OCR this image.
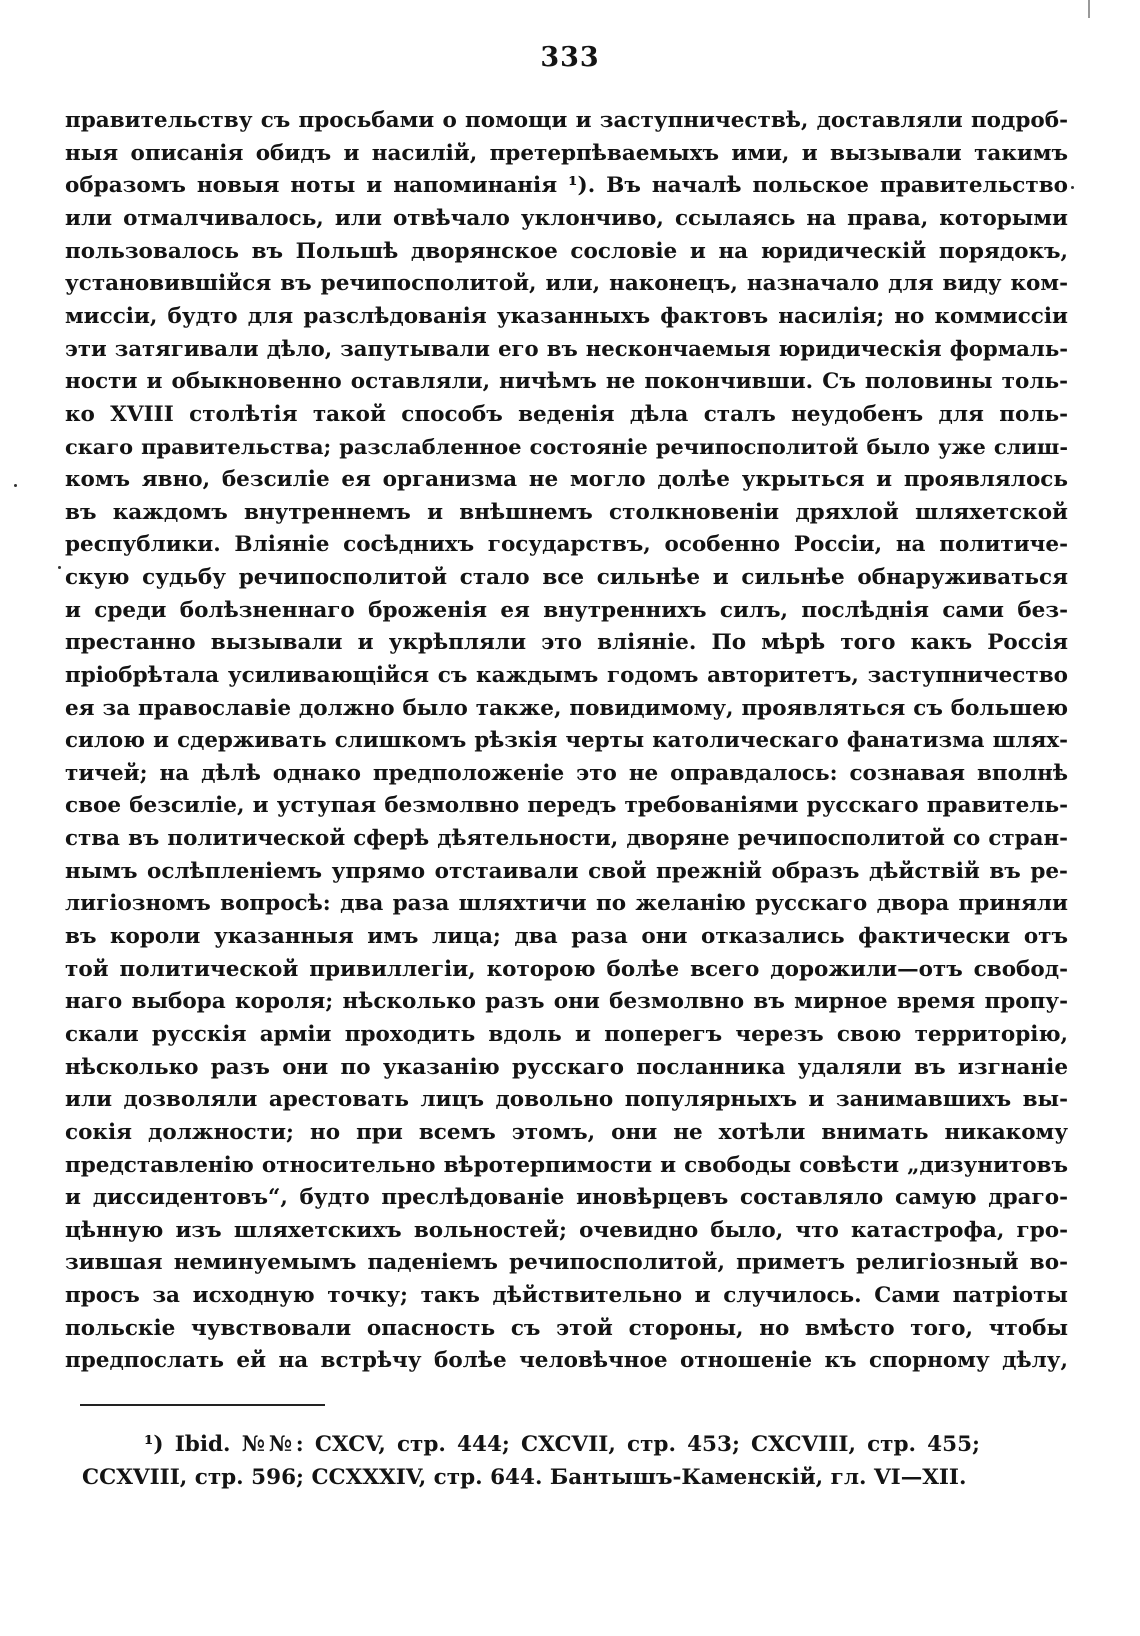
333
правительству съ просьбами о помощи и заступничествѣ, доставляли подроб-
ныя описанія обидъ и насилій, претерпѣваемыхъ ими, и вызывали такимъ
образомъ новыя ноты и напоминанія ¹). Въ началѣ польское правительство
или отмалчивалось, или отвѣчало уклончиво, ссылаясь на права, которыми
пользовалось въ Польшѣ дворянское сословіе и на юридическій порядокъ,
установившійся въ речипосполитой, или, наконецъ, назначало для виду ком-
миссіи, будто для разслѣдованія указанныхъ фактовъ насилія; но коммиссіи
эти затягивали дѣло, запутывали его въ нескончаемыя юридическія формаль-
ности и обыкновенно оставляли, ничѣмъ не покончивши. Съ половины толь-
ко XVIII столѣтія такой способъ веденія дѣла сталъ неудобенъ для поль-
скаго правительства; разслабленное состояніе речипосполитой было уже слиш-
комъ явно, безсиліе ея организма не могло долѣе укрыться и проявлялось
въ каждомъ внутреннемъ и внѣшнемъ столкновеніи дряхлой шляхетской
республики. Вліяніе сосѣднихъ государствъ, особенно Россіи, на политиче-
скую судьбу речипосполитой стало все сильнѣе и сильнѣе обнаруживаться
и среди болѣзненнаго броженія ея внутреннихъ силъ, послѣднія сами без-
престанно вызывали и укрѣпляли это вліяніе. По мѣрѣ того какъ Россія
пріобрѣтала усиливающійся съ каждымъ годомъ авторитетъ, заступничество
ея за православіе должно было также, повидимому, проявляться съ большею
силою и сдерживать слишкомъ рѣзкія черты католическаго фанатизма шлях-
тичей; на дѣлѣ однако предположеніе это не оправдалось: сознавая вполнѣ
свое безсиліе, и уступая безмолвно передъ требованіями русскаго правитель-
ства въ политической сферѣ дѣятельности, дворяне речипосполитой со стран-
нымъ ослѣпленіемъ упрямо отстаивали свой прежній образъ дѣйствій въ ре-
лигіозномъ вопросѣ: два раза шляхтичи по желанію русскаго двора приняли
въ короли указанныя имъ лица; два раза они отказались фактически отъ
той политической привиллегіи, которою болѣе всего дорожили—отъ свобод-
наго выбора короля; нѣсколько разъ они безмолвно въ мирное время пропу-
скали русскія арміи проходить вдоль и поперегъ черезъ свою территорію,
нѣсколько разъ они по указанію русскаго посланника удаляли въ изгнаніе
или дозволяли арестовать лицъ довольно популярныхъ и занимавшихъ вы-
сокія должности; но при всемъ этомъ, они не хотѣли внимать никакому
представленію относительно вѣротерпимости и свободы совѣсти „дизунитовъ
и диссидентовъ“, будто преслѣдованіе иновѣрцевъ составляло самую драго-
цѣнную изъ шляхетскихъ вольностей; очевидно было, что катастрофа, гро-
зившая неминуемымъ паденіемъ речипосполитой, приметъ религіозный во-
просъ за исходную точку; такъ дѣйствительно и случилось. Сами патріоты
польскіе чувствовали опасность съ этой стороны, но вмѣсто того, чтобы
предпослать ей на встрѣчу болѣе человѣчное отношеніе къ спорному дѣлу,
¹) Ibid. №№: CXCV, стр. 444; CXCVII, стр. 453; CXCVIII, стр. 455;
CCXVIII, стр. 596; CCXXXIV, стр. 644. Бантышъ-Каменскій, гл. VI—XII.
